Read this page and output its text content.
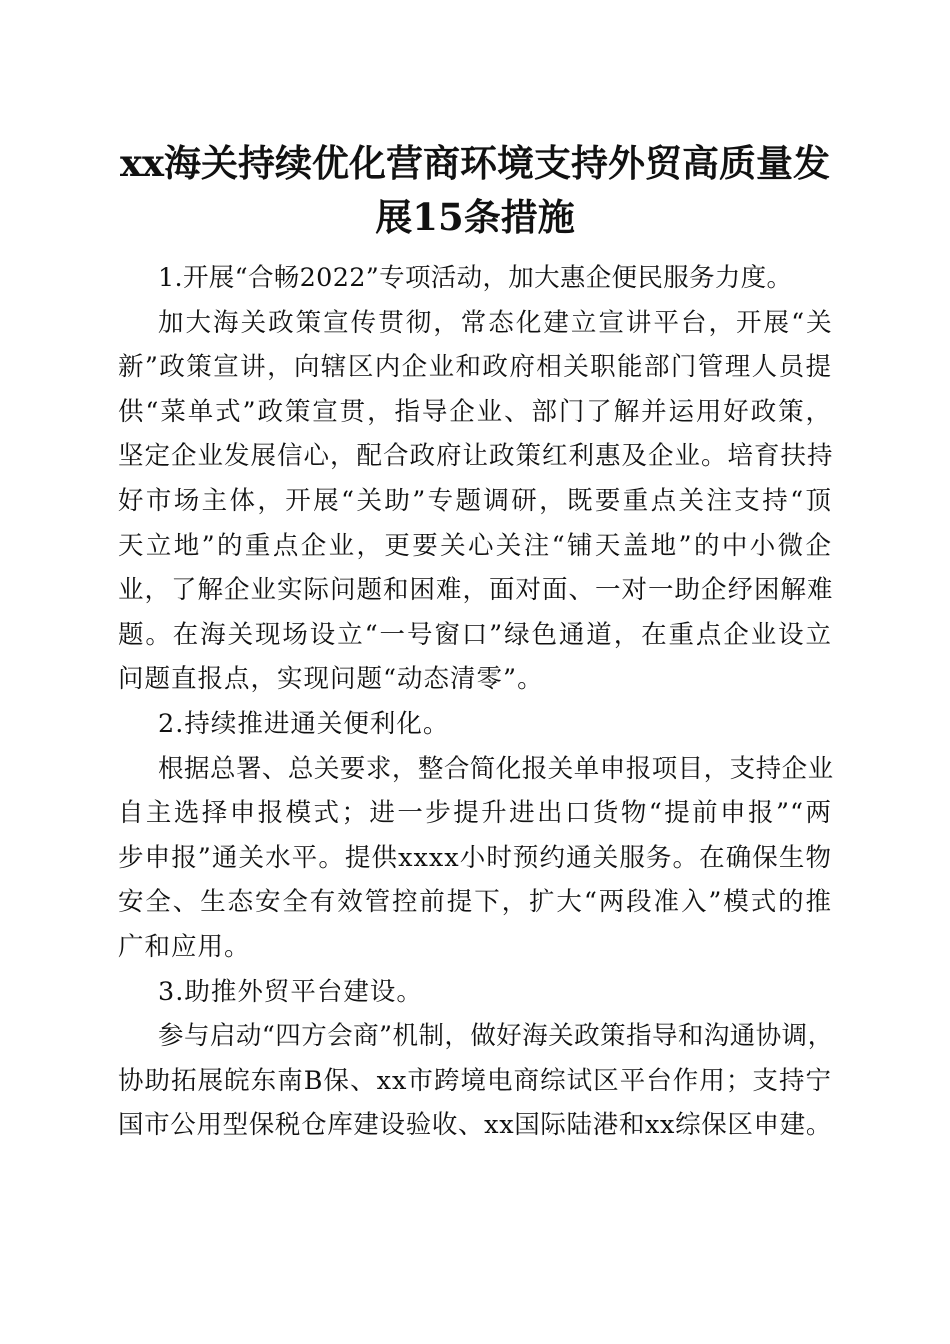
xx海关持续优化营商环境支持外贸高质量发
展15条措施
1.开展“合畅2022”专项活动，加大惠企便民服务力度。
加大海关政策宣传贯彻，常态化建立宣讲平台，开展“关
新”政策宣讲，向辖区内企业和政府相关职能部门管理人员提
供“菜单式”政策宣贯，指导企业、部门了解并运用好政策，
坚定企业发展信心，配合政府让政策红利惠及企业。培育扶持
好市场主体，开展“关助”专题调研，既要重点关注支持“顶
天立地”的重点企业，更要关心关注“铺天盖地”的中小微企
业，了解企业实际问题和困难，面对面、一对一助企纾困解难
题。在海关现场设立“一号窗口”绿色通道，在重点企业设立
问题直报点，实现问题“动态清零”。
2.持续推进通关便利化。
根据总署、总关要求，整合简化报关单申报项目，支持企业
自主选择申报模式；进一步提升进出口货物“提前申报”“两
步申报”通关水平。提供xxxx小时预约通关服务。在确保生物
安全、生态安全有效管控前提下，扩大“两段准入”模式的推
广和应用。
3.助推外贸平台建设。
参与启动“四方会商”机制，做好海关政策指导和沟通协调，
协助拓展皖东南B保、xx市跨境电商综试区平台作用；支持宁
国市公用型保税仓库建设验收、xx国际陆港和xx综保区申建。
